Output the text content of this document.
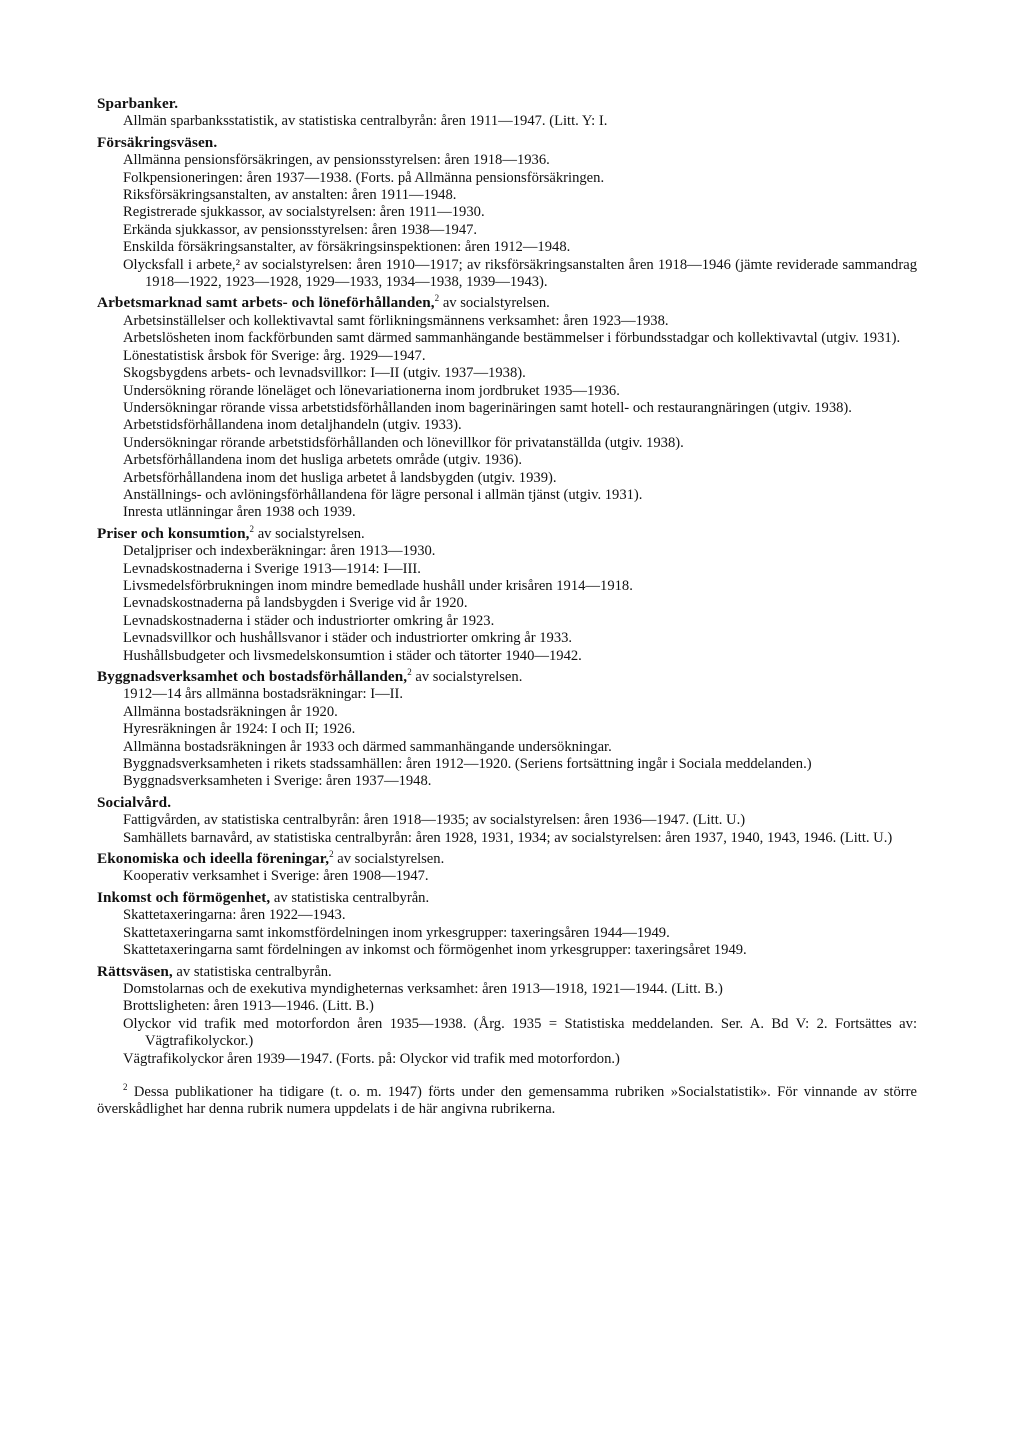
Sparbanker.
Allmän sparbanksstatistik, av statistiska centralbyrån: åren 1911—1947. (Litt. Y: I.
Försäkringsväsen.
Allmänna pensionsförsäkringen, av pensionsstyrelsen: åren 1918—1936.
Folkpensioneringen: åren 1937—1938. (Forts. på Allmänna pensionsförsäkringen.
Riksförsäkringsanstalten, av anstalten: åren 1911—1948.
Registrerade sjukkassor, av socialstyrelsen: åren 1911—1930.
Erkända sjukkassor, av pensionsstyrelsen: åren 1938—1947.
Enskilda försäkringsanstalter, av försäkringsinspektionen: åren 1912—1948.
Olycksfall i arbete,² av socialstyrelsen: åren 1910—1917; av riksförsäkringsanstalten åren 1918—1946 (jämte reviderade sammandrag 1918—1922, 1923—1928, 1929—1933, 1934—1938, 1939—1943).
Arbetsmarknad samt arbets- och löneförhållanden,$^2$ av socialstyrelsen.
Arbetsinställelser och kollektivavtal samt förlikningsmännens verksamhet: åren 1923—1938.
Arbetslösheten inom fackförbunden samt därmed sammanhängande bestämmelser i förbundsstadgar och kollektivavtal (utgiv. 1931).
Lönestatistisk årsbok för Sverige: årg. 1929—1947.
Skogsbygdens arbets- och levnadsvillkor: I—II (utgiv. 1937—1938).
Undersökning rörande löneläget och lönevariationerna inom jordbruket 1935—1936.
Undersökningar rörande vissa arbetstidsförhållanden inom bagerinäringen samt hotell- och restaurangnäringen (utgiv. 1938).
Arbetstidsförhållandena inom detaljhandeln (utgiv. 1933).
Undersökningar rörande arbetstidsförhållanden och lönevillkor för privatanställda (utgiv. 1938).
Arbetsförhållandena inom det husliga arbetets område (utgiv. 1936).
Arbetsförhållandena inom det husliga arbetet å landsbygden (utgiv. 1939).
Anställnings- och avlöningsförhållandena för lägre personal i allmän tjänst (utgiv. 1931).
Inresta utlänningar åren 1938 och 1939.
Priser och konsumtion,$^2$ av socialstyrelsen.
Detaljpriser och indexberäkningar: åren 1913—1930.
Levnadskostnaderna i Sverige 1913—1914: I—III.
Livsmedelsförbrukningen inom mindre bemedlade hushåll under krisåren 1914—1918.
Levnadskostnaderna på landsbygden i Sverige vid år 1920.
Levnadskostnaderna i städer och industriorter omkring år 1923.
Levnadsvillkor och hushållsvanor i städer och industriorter omkring år 1933.
Hushållsbudgeter och livsmedelskonsumtion i städer och tätorter 1940—1942.
Byggnadsverksamhet och bostadsförhållanden,$^2$ av socialstyrelsen.
1912—14 års allmänna bostadsräkningar: I—II.
Allmänna bostadsräkningen år 1920.
Hyresräkningen år 1924: I och II; 1926.
Allmänna bostadsräkningen år 1933 och därmed sammanhängande undersökningar.
Byggnadsverksamheten i rikets stadssamhällen: åren 1912—1920. (Seriens fortsättning ingår i Sociala meddelanden.)
Byggnadsverksamheten i Sverige: åren 1937—1948.
Socialvård.
Fattigvården, av statistiska centralbyrån: åren 1918—1935; av socialstyrelsen: åren 1936—1947. (Litt. U.)
Samhällets barnavård, av statistiska centralbyrån: åren 1928, 1931, 1934; av socialstyrelsen: åren 1937, 1940, 1943, 1946. (Litt. U.)
Ekonomiska och ideella föreningar,$^2$ av socialstyrelsen.
Kooperativ verksamhet i Sverige: åren 1908—1947.
Inkomst och förmögenhet, av statistiska centralbyrån.
Skattetaxeringarna: åren 1922—1943.
Skattetaxeringarna samt inkomstfördelningen inom yrkesgrupper: taxeringsåren 1944—1949.
Skattetaxeringarna samt fördelningen av inkomst och förmögenhet inom yrkesgrupper: taxeringsåret 1949.
Rättsväsen, av statistiska centralbyrån.
Domstolarnas och de exekutiva myndigheternas verksamhet: åren 1913—1918, 1921—1944. (Litt. B.)
Brottsligheten: åren 1913—1946. (Litt. B.)
Olyckor vid trafik med motorfordon åren 1935—1938. (Årg. 1935 = Statistiska meddelanden. Ser. A. Bd V: 2. Fortsättes av: Vägtrafikolyckor.)
Vägtrafikolyckor åren 1939—1947. (Forts. på: Olyckor vid trafik med motorfordon.)
$^2$ Dessa publikationer ha tidigare (t. o. m. 1947) förts under den gemensamma rubriken »Socialstatistik». För vinnande av större överskådlighet har denna rubrik numera uppdelats i de här angivna rubrikerna.
